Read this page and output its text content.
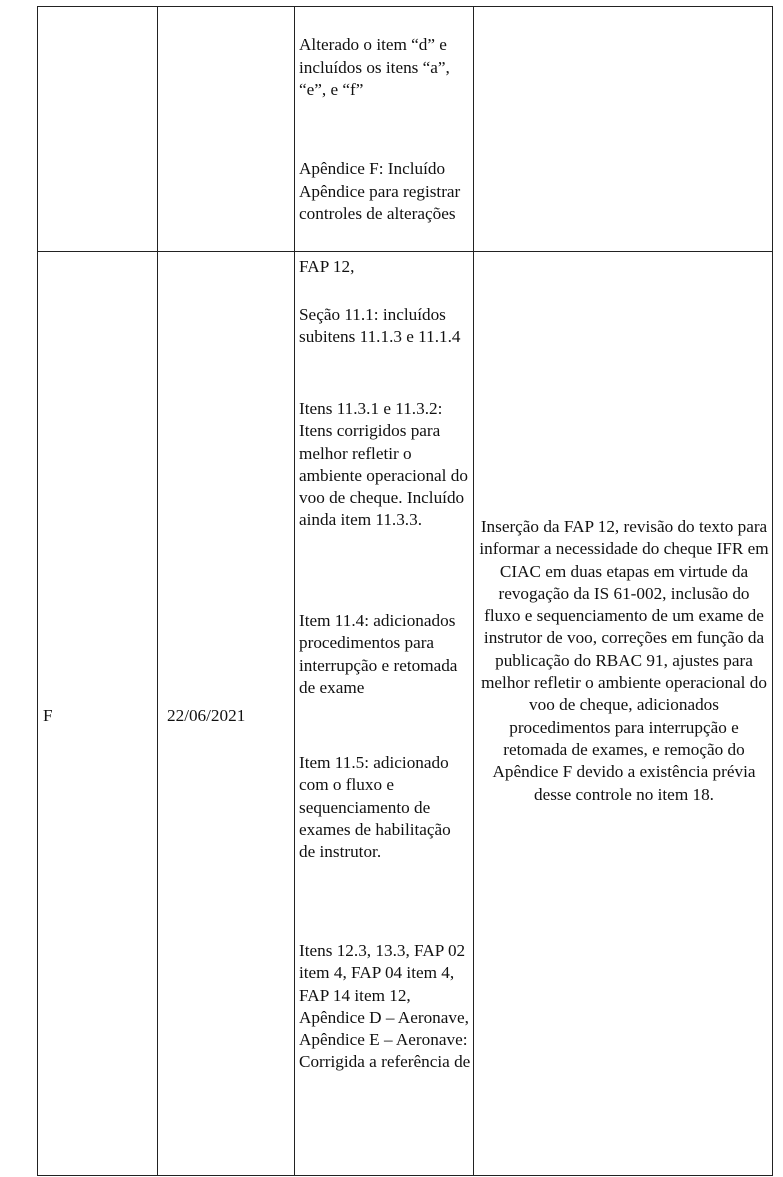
Alterado o item “d” e incluídos os itens “a”, “e”, e “f”

Apêndice F: Incluído Apêndice para registrar controles de alterações

F	22/06/2021
FAP 12,
Seção 11.1: incluídos subitens 11.1.3 e 11.1.4
Itens 11.3.1 e 11.3.2: Itens corrigidos para melhor refletir o ambiente operacional do voo de cheque. Incluído ainda item 11.3.3.
Item 11.4: adicionados procedimentos para interrupção e retomada de exame
Item 11.5: adicionado com o fluxo e sequenciamento de exames de habilitação de instrutor.
Itens 12.3, 13.3, FAP 02 item 4, FAP 04 item 4, FAP 14 item 12, Apêndice D – Aeronave, Apêndice E – Aeronave: Corrigida a referência de
Inserção da FAP 12, revisão do texto para informar a necessidade do cheque IFR em CIAC em duas etapas em virtude da revogação da IS 61-002, inclusão do fluxo e sequenciamento de um exame de instrutor de voo, correções em função da publicação do RBAC 91, ajustes para melhor refletir o ambiente operacional do voo de cheque, adicionados procedimentos para interrupção e retomada de exames, e remoção do Apêndice F devido a existência prévia desse controle no item 18.
